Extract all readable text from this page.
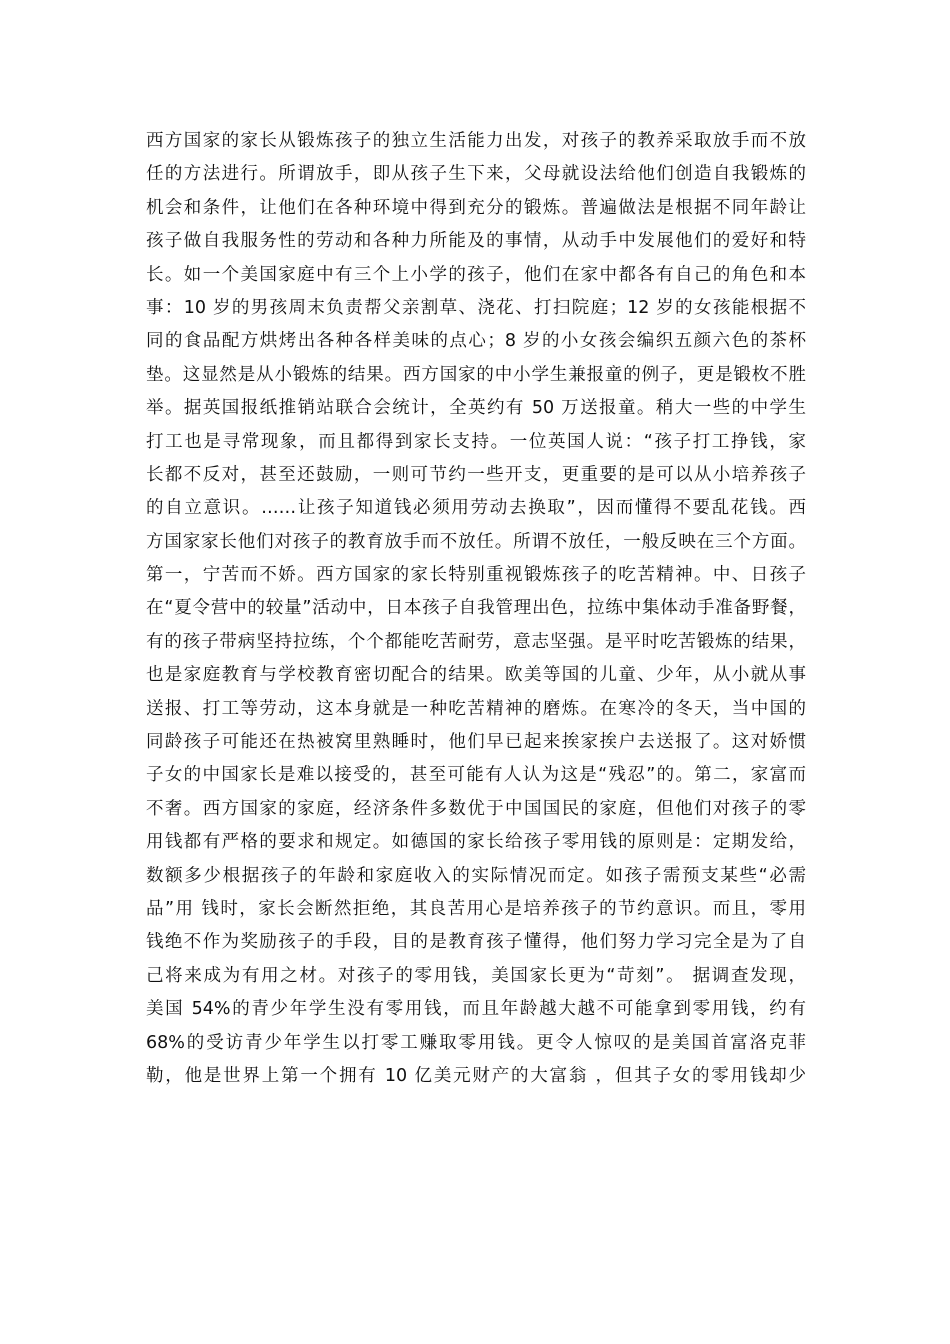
西方国家的家长从锻炼孩子的独立生活能力出发，对孩子的教养采取放手而不放
任的方法进行。所谓放手，即从孩子生下来，父母就设法给他们创造自我锻炼的
机会和条件，让他们在各种环境中得到充分的锻炼。普遍做法是根据不同年龄让
孩子做自我服务性的劳动和各种力所能及的事情，从动手中发展他们的爱好和特
长。如一个美国家庭中有三个上小学的孩子，他们在家中都各有自己的角色和本
事：10 岁的男孩周末负责帮父亲割草、浇花、打扫院庭；12 岁的女孩能根据不
同的食品配方烘烤出各种各样美味的点心；8 岁的小女孩会编织五颜六色的茶杯
垫。这显然是从小锻炼的结果。西方国家的中小学生兼报童的例子，更是锻枚不胜
举。据英国报纸推销站联合会统计，全英约有 50 万送报童。稍大一些的中学生
打工也是寻常现象，而且都得到家长支持。一位英国人说：“孩子打工挣钱，家
长都不反对，甚至还鼓励，一则可节约一些开支，更重要的是可以从小培养孩子
的自立意识。……让孩子知道钱必须用劳动去换取”，因而懂得不要乱花钱。西
方国家家长他们对孩子的教育放手而不放任。所谓不放任，一般反映在三个方面。
第一，宁苦而不娇。西方国家的家长特别重视锻炼孩子的吃苦精神。中、日孩子
在“夏令营中的较量”活动中，日本孩子自我管理出色，拉练中集体动手准备野餐，
有的孩子带病坚持拉练，个个都能吃苦耐劳，意志坚强。是平时吃苦锻炼的结果，
也是家庭教育与学校教育密切配合的结果。欧美等国的儿童、少年，从小就从事
送报、打工等劳动，这本身就是一种吃苦精神的磨炼。在寒冷的冬天，当中国的
同龄孩子可能还在热被窝里熟睡时，他们早已起来挨家挨户去送报了。这对娇惯
子女的中国家长是难以接受的，甚至可能有人认为这是“残忍”的。第二，家富而
不奢。西方国家的家庭，经济条件多数优于中国国民的家庭，但他们对孩子的零
用钱都有严格的要求和规定。如德国的家长给孩子零用钱的原则是：定期发给，
数额多少根据孩子的年龄和家庭收入的实际情况而定。如孩子需预支某些“必需
品”用 钱时，家长会断然拒绝，其良苦用心是培养孩子的节约意识。而且，零用
钱绝不作为奖励孩子的手段，目的是教育孩子懂得，他们努力学习完全是为了自
己将来成为有用之材。对孩子的零用钱，美国家长更为“苛刻”。 据调查发现，
美国 54%的青少年学生没有零用钱，而且年龄越大越不可能拿到零用钱，约有
68%的受访青少年学生以打零工赚取零用钱。更令人惊叹的是美国首富洛克菲
勒，他是世界上第一个拥有 10 亿美元财产的大富翁 ，但其子女的零用钱却少
